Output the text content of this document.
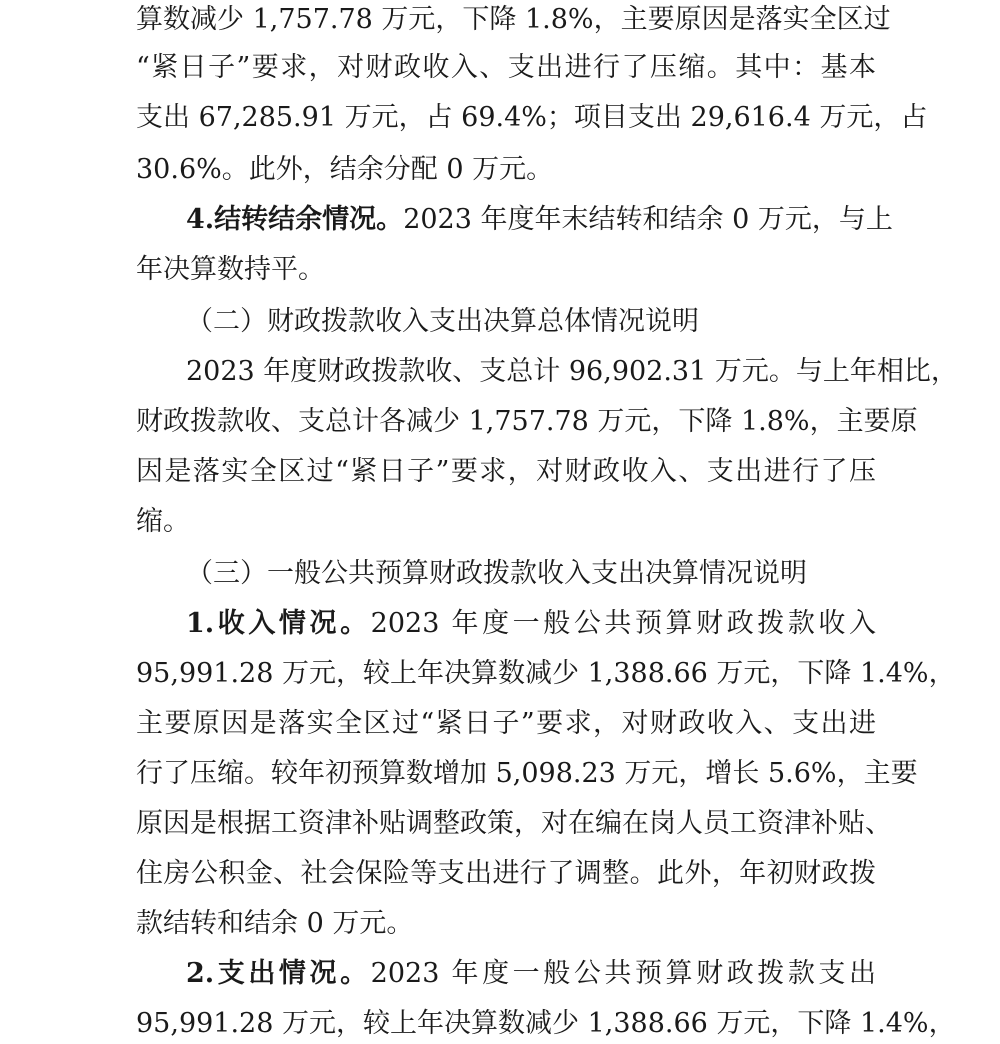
算数减少 1,757.78 万元，下降 1.8%，主要原因是落实全区过
“紧日子”要求，对财政收入、支出进行了压缩。其中：基本
支出 67,285.91 万元，占 69.4%；项目支出 29,616.4 万元，占
30.6%。此外，结余分配 0 万元。
4.结转结余情况。2023 年度年末结转和结余 0 万元，与上
年决算数持平。
（二）财政拨款收入支出决算总体情况说明
2023 年度财政拨款收、支总计 96,902.31 万元。与上年相比，
财政拨款收、支总计各减少 1,757.78 万元，下降 1.8%，主要原
因是落实全区过“紧日子”要求，对财政收入、支出进行了压
缩。
（三）一般公共预算财政拨款收入支出决算情况说明
1.收入情况。2023 年度一般公共预算财政拨款收入
95,991.28 万元，较上年决算数减少 1,388.66 万元，下降 1.4%，
主要原因是落实全区过“紧日子”要求，对财政收入、支出进
行了压缩。较年初预算数增加 5,098.23 万元，增长 5.6%，主要
原因是根据工资津补贴调整政策，对在编在岗人员工资津补贴、
住房公积金、社会保险等支出进行了调整。此外，年初财政拨
款结转和结余 0 万元。
2.支出情况。2023 年度一般公共预算财政拨款支出
95,991.28 万元，较上年决算数减少 1,388.66 万元，下降 1.4%，
